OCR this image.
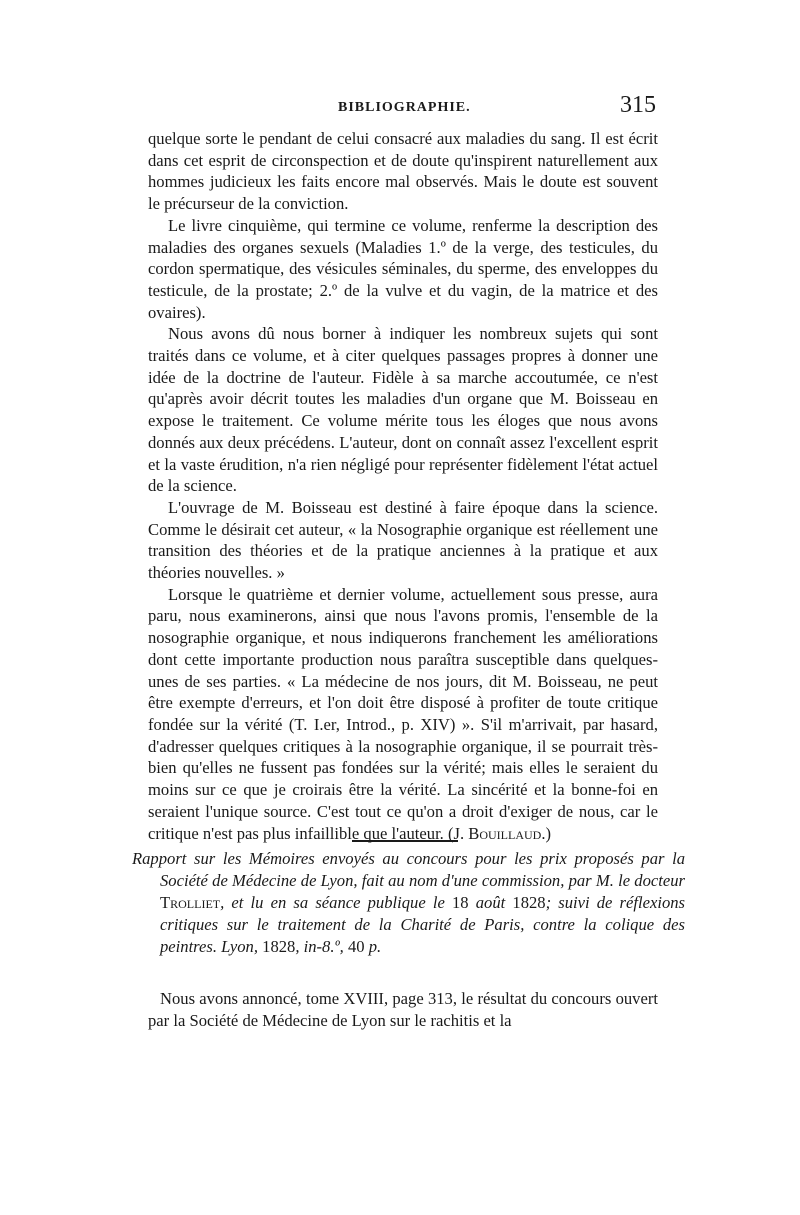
BIBLIOGRAPHIE.	315

quelque sorte le pendant de celui consacré aux maladies du sang. Il est écrit dans cet esprit de circonspection et de doute qu'inspirent naturellement aux hommes judicieux les faits encore mal observés. Mais le doute est souvent le précurseur de la conviction.

Le livre cinquième, qui termine ce volume, renferme la description des maladies des organes sexuels (Maladies 1.º de la verge, des testicules, du cordon spermatique, des vésicules séminales, du sperme, des enveloppes du testicule, de la prostate; 2.º de la vulve et du vagin, de la matrice et des ovaires).

Nous avons dû nous borner à indiquer les nombreux sujets qui sont traités dans ce volume, et à citer quelques passages propres à donner une idée de la doctrine de l'auteur. Fidèle à sa marche accoutumée, ce n'est qu'après avoir décrit toutes les maladies d'un organe que M. Boisseau en expose le traitement. Ce volume mérite tous les éloges que nous avons donnés aux deux précédens. L'auteur, dont on connaît assez l'excellent esprit et la vaste érudition, n'a rien négligé pour représenter fidèlement l'état actuel de la science.

L'ouvrage de M. Boisseau est destiné à faire époque dans la science. Comme le désirait cet auteur, « la Nosographie organique est réellement une transition des théories et de la pratique anciennes à la pratique et aux théories nouvelles. »

Lorsque le quatrième et dernier volume, actuellement sous presse, aura paru, nous examinerons, ainsi que nous l'avons promis, l'ensemble de la nosographie organique, et nous indiquerons franchement les améliorations dont cette importante production nous paraîtra susceptible dans quelques-unes de ses parties. « La médecine de nos jours, dit M. Boisseau, ne peut être exempte d'erreurs, et l'on doit être disposé à profiter de toute critique fondée sur la vérité (T. I.er, Introd., p. XIV) ». S'il m'arrivait, par hasard, d'adresser quelques critiques à la nosographie organique, il se pourrait très-bien qu'elles ne fussent pas fondées sur la vérité; mais elles le seraient du moins sur ce que je croirais être la vérité. La sincérité et la bonne-foi en seraient l'unique source. C'est tout ce qu'on a droit d'exiger de nous, car le critique n'est pas plus infaillible que l'auteur. (J. Bouillaud.)

Rapport sur les Mémoires envoyés au concours pour les prix proposés par la Société de Médecine de Lyon, fait au nom d'une commission, par M. le docteur Trolliet, et lu en sa séance publique le 18 août 1828; suivi de réflexions critiques sur le traitement de la Charité de Paris, contre la colique des peintres. Lyon, 1828, in-8.º, 40 p.

Nous avons annoncé, tome XVIII, page 313, le résultat du concours ouvert par la Société de Médecine de Lyon sur le rachitis et la
